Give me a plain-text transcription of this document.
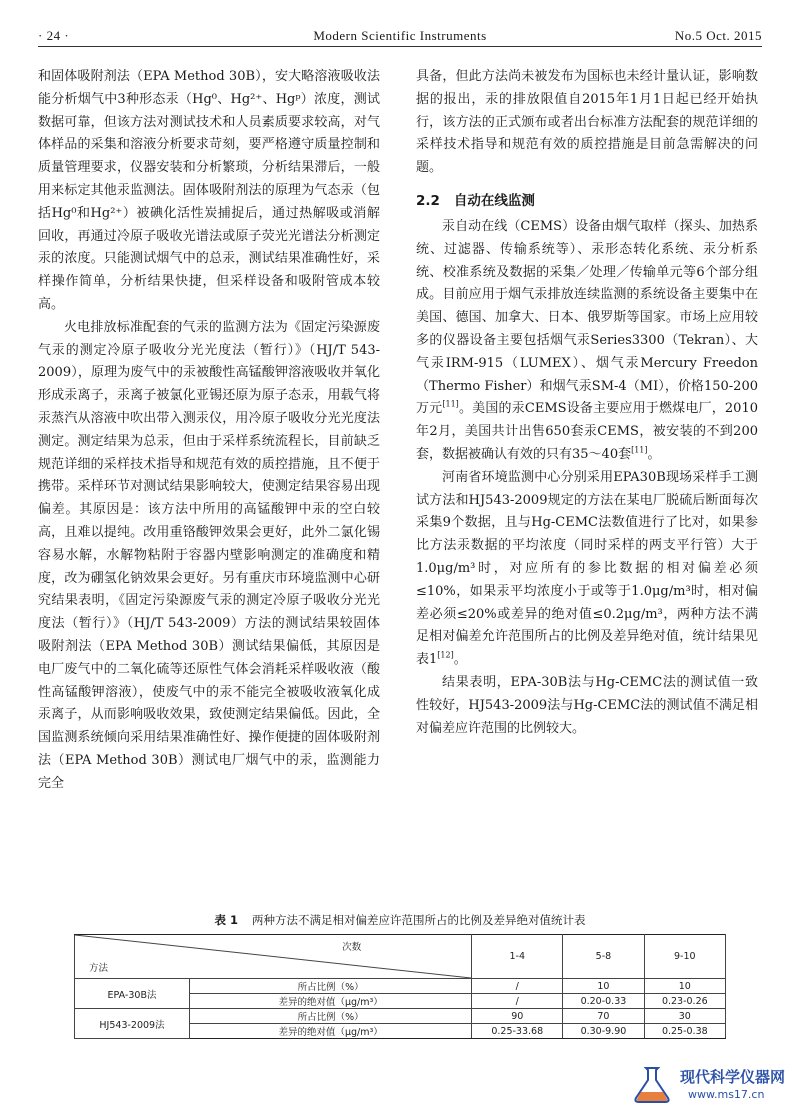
· 24 ·	Modern Scientific Instruments	No.5 Oct. 2015

和固体吸附剂法（EPA Method 30B），安大略溶液吸收法能分析烟气中3种形态汞（Hg⁰、Hg²⁺、Hgᵖ）浓度，测试数据可靠，但该方法对测试技术和人员素质要求较高，对气体样品的采集和溶液分析要求苛刻，要严格遵守质量控制和质量管理要求，仪器安装和分析繁琐，分析结果滞后，一般用来标定其他汞监测法。固体吸附剂法的原理为气态汞（包括Hg⁰和Hg²⁺）被碘化活性炭捕捉后，通过热解吸或消解回收，再通过冷原子吸收光谱法或原子荧光光谱法分析测定汞的浓度。只能测试烟气中的总汞，测试结果准确性好，采样操作简单，分析结果快捷，但采样设备和吸附管成本较高。

火电排放标准配套的气汞的监测方法为《固定污染源废气汞的测定冷原子吸收分光光度法（暂行）》（HJ/T 543-2009），原理为废气中的汞被酸性高锰酸钾溶液吸收并氧化形成汞离子，汞离子被氯化亚锡还原为原子态汞，用载气将汞蒸汽从溶液中吹出带入测汞仪，用冷原子吸收分光光度法测定。测定结果为总汞，但由于采样系统流程长，目前缺乏规范详细的采样技术指导和规范有效的质控措施，且不便于携带。采样环节对测试结果影响较大，使测定结果容易出现偏差。其原因是：该方法中所用的高锰酸钾中汞的空白较高，且难以提纯。改用重铬酸钾效果会更好，此外二氯化锡容易水解，水解物粘附于容器内壁影响测定的准确度和精度，改为硼氢化钠效果会更好。另有重庆市环境监测中心研究结果表明，《固定污染源废气汞的测定冷原子吸收分光光度法（暂行）》（HJ/T 543-2009）方法的测试结果较固体吸附剂法（EPA Method 30B）测试结果偏低，其原因是电厂废气中的二氧化硫等还原性气体会消耗采样吸收液（酸性高锰酸钾溶液），使废气中的汞不能完全被吸收液氧化成汞离子，从而影响吸收效果，致使测定结果偏低。因此，全国监测系统倾向采用结果准确性好、操作便捷的固体吸附剂法（EPA Method 30B）测试电厂烟气中的汞，监测能力完全

具备，但此方法尚未被发布为国标也未经计量认证，影响数据的报出，汞的排放限值自2015年1月1日起已经开始执行，该方法的正式颁布或者出台标准方法配套的规范详细的采样技术指导和规范有效的质控措施是目前急需解决的问题。

2.2 自动在线监测

汞自动在线（CEMS）设备由烟气取样（探头、加热系统、过滤器、传输系统等）、汞形态转化系统、汞分析系统、校准系统及数据的采集／处理／传输单元等6个部分组成。目前应用于烟气汞排放连续监测的系统设备主要集中在美国、德国、加拿大、日本、俄罗斯等国家。市场上应用较多的仪器设备主要包括烟气汞Series3300（Tekran）、大气汞IRM-915（LUMEX）、烟气汞Mercury Freedon（Thermo Fisher）和烟气汞SM-4（MI），价格150-200万元[11]。美国的汞CEMS设备主要应用于燃煤电厂，2010年2月，美国共计出售650套汞CEMS，被安装的不到200套，数据被确认有效的只有35～40套[11]。

河南省环境监测中心分别采用EPA30B现场采样手工测试方法和HJ543-2009规定的方法在某电厂脱硫后断面每次采集9个数据，且与Hg-CEMC法数值进行了比对，如果参比方法汞数据的平均浓度（同时采样的两支平行管）大于1.0μg/m³时，对应所有的参比数据的相对偏差必须≤10%，如果汞平均浓度小于或等于1.0μg/m³时，相对偏差必须≤20%或差异的绝对值≤0.2μg/m³，两种方法不满足相对偏差允许范围所占的比例及差异绝对值，统计结果见表1[12]。

结果表明，EPA-30B法与Hg-CEMC法的测试值一致性较好，HJ543-2009法与Hg-CEMC法的测试值不满足相对偏差应许范围的比例较大。

表 1 两种方法不满足相对偏差应许范围所占的比例及差异绝对值统计表
次数
方法		1-4	5-8	9-10
EPA-30B法	所占比例（%）	/	10	10
	差异的绝对值（μg/m³）	/	0.20-0.33	0.23-0.26
HJ543-2009法	所占比例（%）	90	70	30
	差异的绝对值（μg/m³）	0.25-33.68	0.30-9.90	0.25-0.38
现代科学仪器网
www.ms17.cn
